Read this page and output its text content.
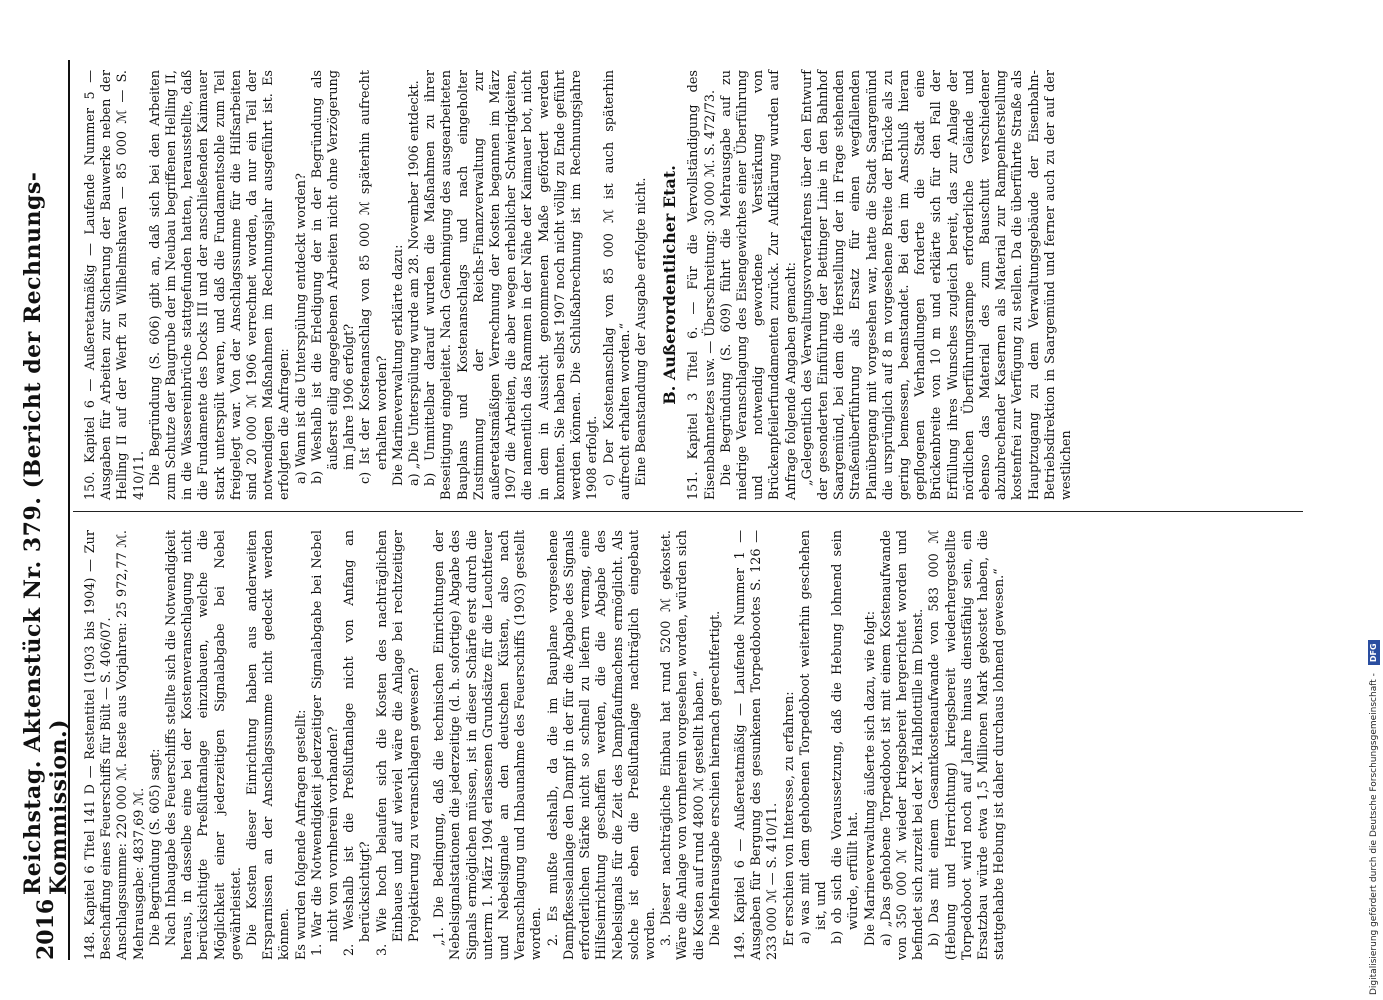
2016
Reichstag. Aktenstück Nr. 379. (Bericht der Rechnungs-Kommission.) 148. Kapitel 6 Titel 141 D — Restentitel (1903 bis 1904) — Zur Beschaffung eines Feuerschiffs für Bült — S. 406/07. Anschlagssumme: 220 000 ℳ. Reste aus Vorjahren: 25 972,77 ℳ. Mehrausgabe: 4837,69 ℳ. Die Begründung (S. 605) sagt: Nach Inbaugabe des Feuerschiffs stellte sich die Notwendigkeit heraus, in dasselbe eine bei der Kostenveranschlagung nicht berücksichtigte Preßluftanlage einzubauen, welche die Möglichkeit einer jederzeitigen Signalabgabe bei Nebel gewährleistet. Die Kosten dieser Einrichtung haben aus anderweiten Ersparnissen an der Anschlagssumme nicht gedeckt werden können. Es wurden folgende Anfragen gestellt: 1. War die Notwendigkeit jederzeitiger Signalabgabe bei Nebel nicht von vornherein vorhanden? 2. Weshalb ist die Preßluftanlage nicht von Anfang an berücksichtigt? 3. Wie hoch belaufen sich die Kosten des nachträglichen Einbaues und auf wieviel wäre die Anlage bei rechtzeitiger Projektierung zu veranschlagen gewesen? „1. Die Bedingung, daß die technischen Einrichtungen der Nebelsignalstationen die jederzeitige (d. h. sofortige) Abgabe des Signals ermöglichen müssen, ist in dieser Schärfe erst durch die unterm 1. März 1904 erlassenen Grundsätze für die Leuchtfeuer und Nebelsignale an den deutschen Küsten, also nach Veranschlagung und Inbaunahme des Feuerschiffs (1903) gestellt worden. 2. Es mußte deshalb, da die im Bauplane vorgesehene Dampfkesselanlage den Dampf in der für die Abgabe des Signals erforderlichen Stärke nicht so schnell zu liefern vermag, eine Hilfseinrichtung geschaffen werden, die die Abgabe des Nebelsignals für die Zeit des Dampfaufmachens ermöglicht. Als solche ist eben die Preßluftanlage nachträglich eingebaut worden. 3. Dieser nachträgliche Einbau hat rund 5200 ℳ gekostet. Wäre die Anlage von vornherein vorgesehen worden, würden sich die Kosten auf rund 4800 ℳ gestellt haben.“ Die Mehrausgabe erschien hiernach gerechtfertigt. 149. Kapitel 6 — Außeretatmäßig — Laufende Nummer 1 — Ausgaben für Bergung des gesunkenen Torpedobootes S. 126 — 233 000 ℳ — S. 410/11. Er erschien von Interesse, zu erfahren: a) was mit dem gehobenen Torpedoboot weiterhin geschehen ist, und b) ob sich die Voraussetzung, daß die Hebung lohnend sein würde, erfüllt hat. Die Marineverwaltung äußerte sich dazu, wie folgt: a) „Das gehobene Torpedoboot ist mit einem Kostenaufwande von 350 000 ℳ wieder kriegsbereit hergerichtet worden und befindet sich zurzeit bei der X. Halbflottille im Dienst. b) Das mit einem Gesamtkostenaufwande von 583 000 ℳ (Hebung und Herrichtung) kriegsbereit wiederhergestellte Torpedoboot wird noch auf Jahre hinaus dienstfähig sein, ein Ersatzbau würde etwa 1,5 Millionen Mark gekostet haben, die stattgehabte Hebung ist daher durchaus lohnend gewesen.“

150. Kapitel 6 — Außeretatmäßig — Laufende Nummer 5 — Ausgaben für Arbeiten zur Sicherung der Bauwerke neben der Helling II auf der Werft zu Wilhelmshaven — 85 000 ℳ — S. 410/11. Die Begründung (S. 606) gibt an, daß sich bei den Arbeiten zum Schutze der Baugrube der im Neubau begriffenen Helling II, in die Wassereinbrüche stattgefunden hatten, herausstellte, daß die Fundamente des Docks III und der anschließenden Kaimauer stark unterspült waren, und daß die Fundamentsohle zum Teil freigelegt war. Von der Anschlagssumme für die Hilfsarbeiten sind 20 000 ℳ 1906 verrechnet worden, da nur ein Teil der notwendigen Maßnahmen im Rechnungsjahr ausgeführt ist. Es erfolgten die Anfragen: a) Wann ist die Unterspülung entdeckt worden? b) Weshalb ist die Erledigung der in der Begründung als äußerst eilig angegebenen Arbeiten nicht ohne Verzögerung im Jahre 1906 erfolgt? c) Ist der Kostenanschlag von 85 000 ℳ späterhin aufrecht erhalten worden? Die Marineverwaltung erklärte dazu: a) „Die Unterspülung wurde am 28. November 1906 entdeckt. b) Unmittelbar darauf wurden die Maßnahmen zu ihrer Beseitigung eingeleitet. Nach Genehmigung des ausgearbeiteten Bauplans und Kostenanschlags und nach eingeholter Zustimmung der Reichs-Finanzverwaltung zur außeretatsmäßigen Verrechnung der Kosten begannen im März 1907 die Arbeiten, die aber wegen erheblicher Schwierigkeiten, die namentlich das Rammen in der Nähe der Kaimauer bot, nicht in dem in Aussicht genommenen Maße gefördert werden konnten. Sie haben selbst 1907 noch nicht völlig zu Ende geführt werden können. Die Schlußabrechnung ist im Rechnungsjahre 1908 erfolgt. c) Der Kostenanschlag von 85 000 ℳ ist auch späterhin aufrecht erhalten worden.“ Eine Beanstandung der Ausgabe erfolgte nicht. B. Außerordentlicher Etat. 151. Kapitel 3 Titel 6. — Für die Vervollständigung des Eisenbahnnetzes usw. — Überschreitung: 30 000 ℳ. S. 472/73. Die Begründung (S. 609) führt die Mehrausgabe auf zu niedrige Veranschlagung des Eisengewichtes einer Überführung und notwendig gewordene Verstärkung von Brückenpfeilerfundamenten zurück. Zur Aufklärung wurden auf Anfrage folgende Angaben gemacht: „Gelegentlich des Verwaltungsvorverfahrens über den Entwurf der gesonderten Einführung der Bettinger Linie in den Bahnhof Saargemünd, bei dem die Herstellung der in Frage stehenden Straßenüberführung als Ersatz für einen wegfallenden Planübergang mit vorgesehen war, hatte die Stadt Saargemünd die ursprünglich auf 8 m vorgesehene Breite der Brücke als zu gering bemessen, beanstandet. Bei den im Anschluß hieran gepflogenen Verhandlungen forderte die Stadt eine Brückenbreite von 10 m und erklärte sich für den Fall der Erfüllung ihres Wunsches zugleich bereit, das zur Anlage der nördlichen Überführungsrampe erforderliche Gelände und ebenso das Material des zum Bauschutt verschiedener abzubrechender Kasernen als Material zur Rampenherstellung kostenfrei zur Verfügung zu stellen. Da die überführte Straße als Hauptzugang zu dem Verwaltungsgebäude der Eisenbahn-Betriebsdirektion in Saargemünd und ferner auch zu der auf der westlichen

Digitalisierung gefördert durch die Deutsche Forschungsgemeinschaft -
DFG
